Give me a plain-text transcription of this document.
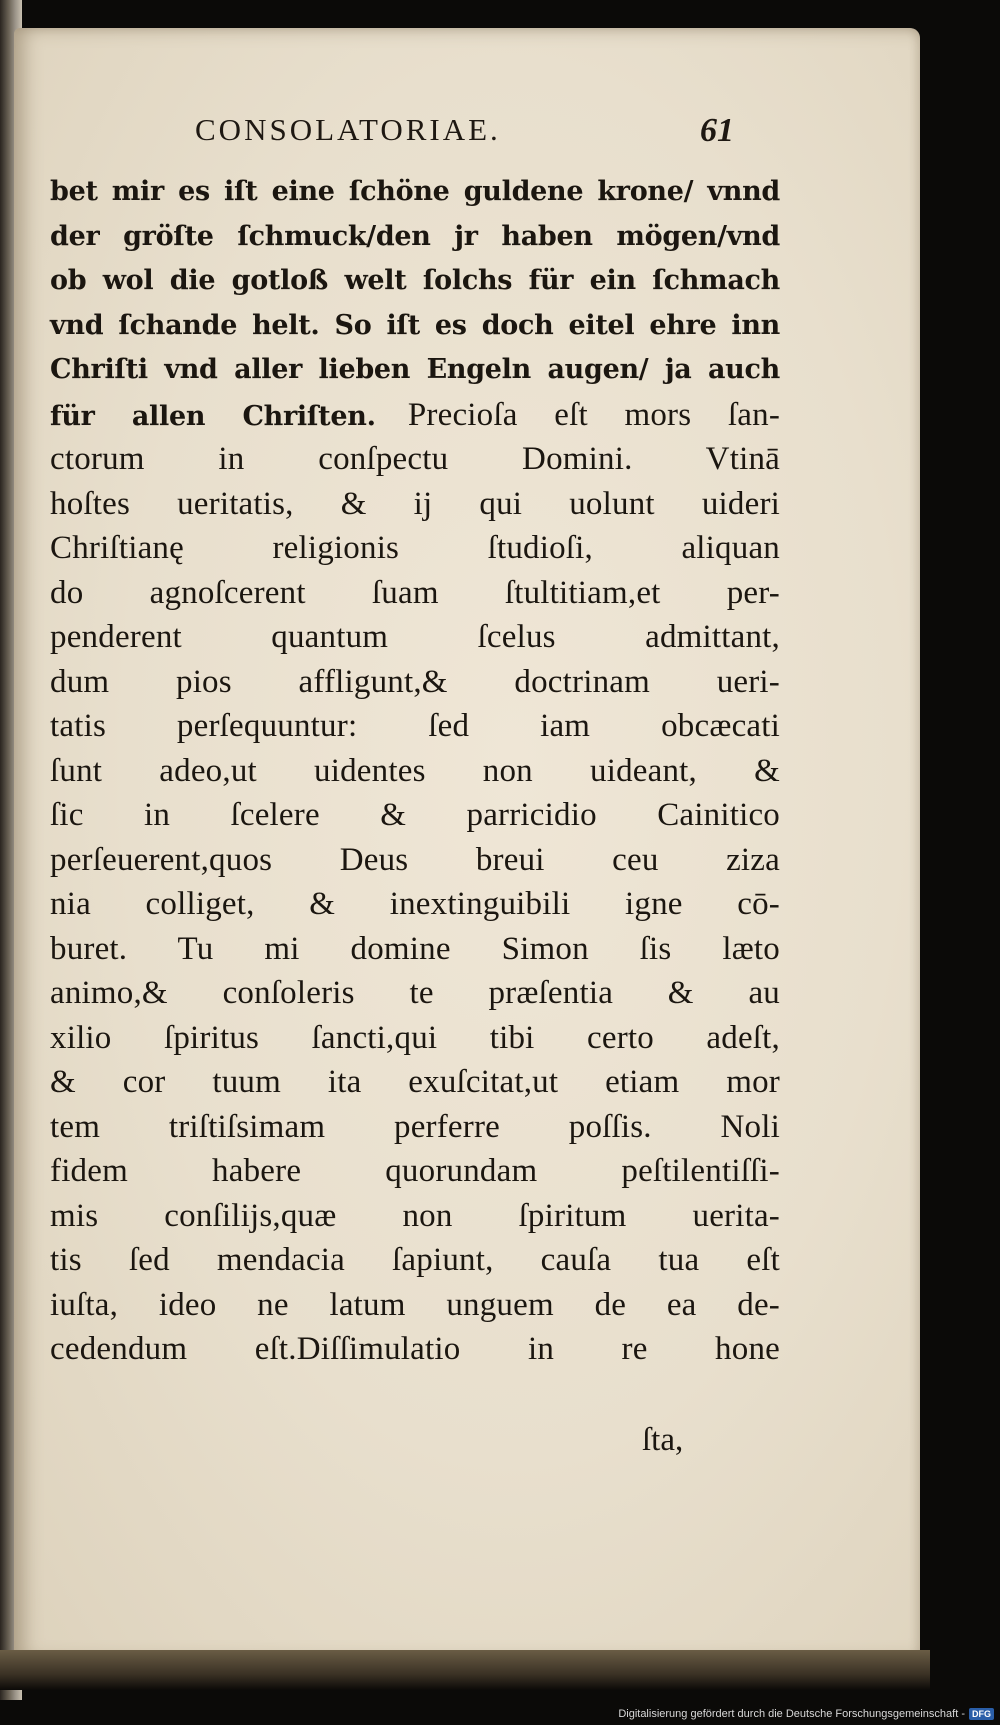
CONSOLATORIAE.	61
bet mir es iſt eine ſchöne guldene krone/ vnnd
der gröſte ſchmuck/den jr haben mögen/vnd
ob wol die gotloß welt ſolchs für ein ſchmach
vnd ſchande helt. So iſt es doch eitel ehre inn
Chriſti vnd aller lieben Engeln augen/ ja auch
für allen Chriſten. Precioſa eſt mors ſan-
ctorum in conſpectu Domini. Vtinā
hoſtes ueritatis, & ij qui uolunt uideri
Chriſtianę religionis ſtudioſi, aliquan
do agnoſcerent ſuam ſtultitiam,et per-
penderent quantum ſcelus admittant,
dum pios affligunt,& doctrinam ueri-
tatis perſequuntur: ſed iam obcæcati
ſunt adeo,ut uidentes non uideant, &
ſic in ſcelere & parricidio Cainitico
perſeuerent,quos Deus breui ceu ziza
nia colliget, & inextinguibili igne cō-
buret. Tu mi domine Simon ſis læto
animo,& conſoleris te præſentia & au
xilio ſpiritus ſancti,qui tibi certo adeſt,
& cor tuum ita exuſcitat,ut etiam mor
tem triſtiſsimam perferre poſſis. Noli
fidem habere quorundam peſtilentiſſi-
mis conſilijs,quæ non ſpiritum uerita-
tis ſed mendacia ſapiunt, cauſa tua eſt
iuſta, ideo ne latum unguem de ea de-
cedendum eſt.Diſſimulatio in re hone
ſta,
Digitalisierung gefördert durch die Deutsche Forschungsgemeinschaft - DFG
